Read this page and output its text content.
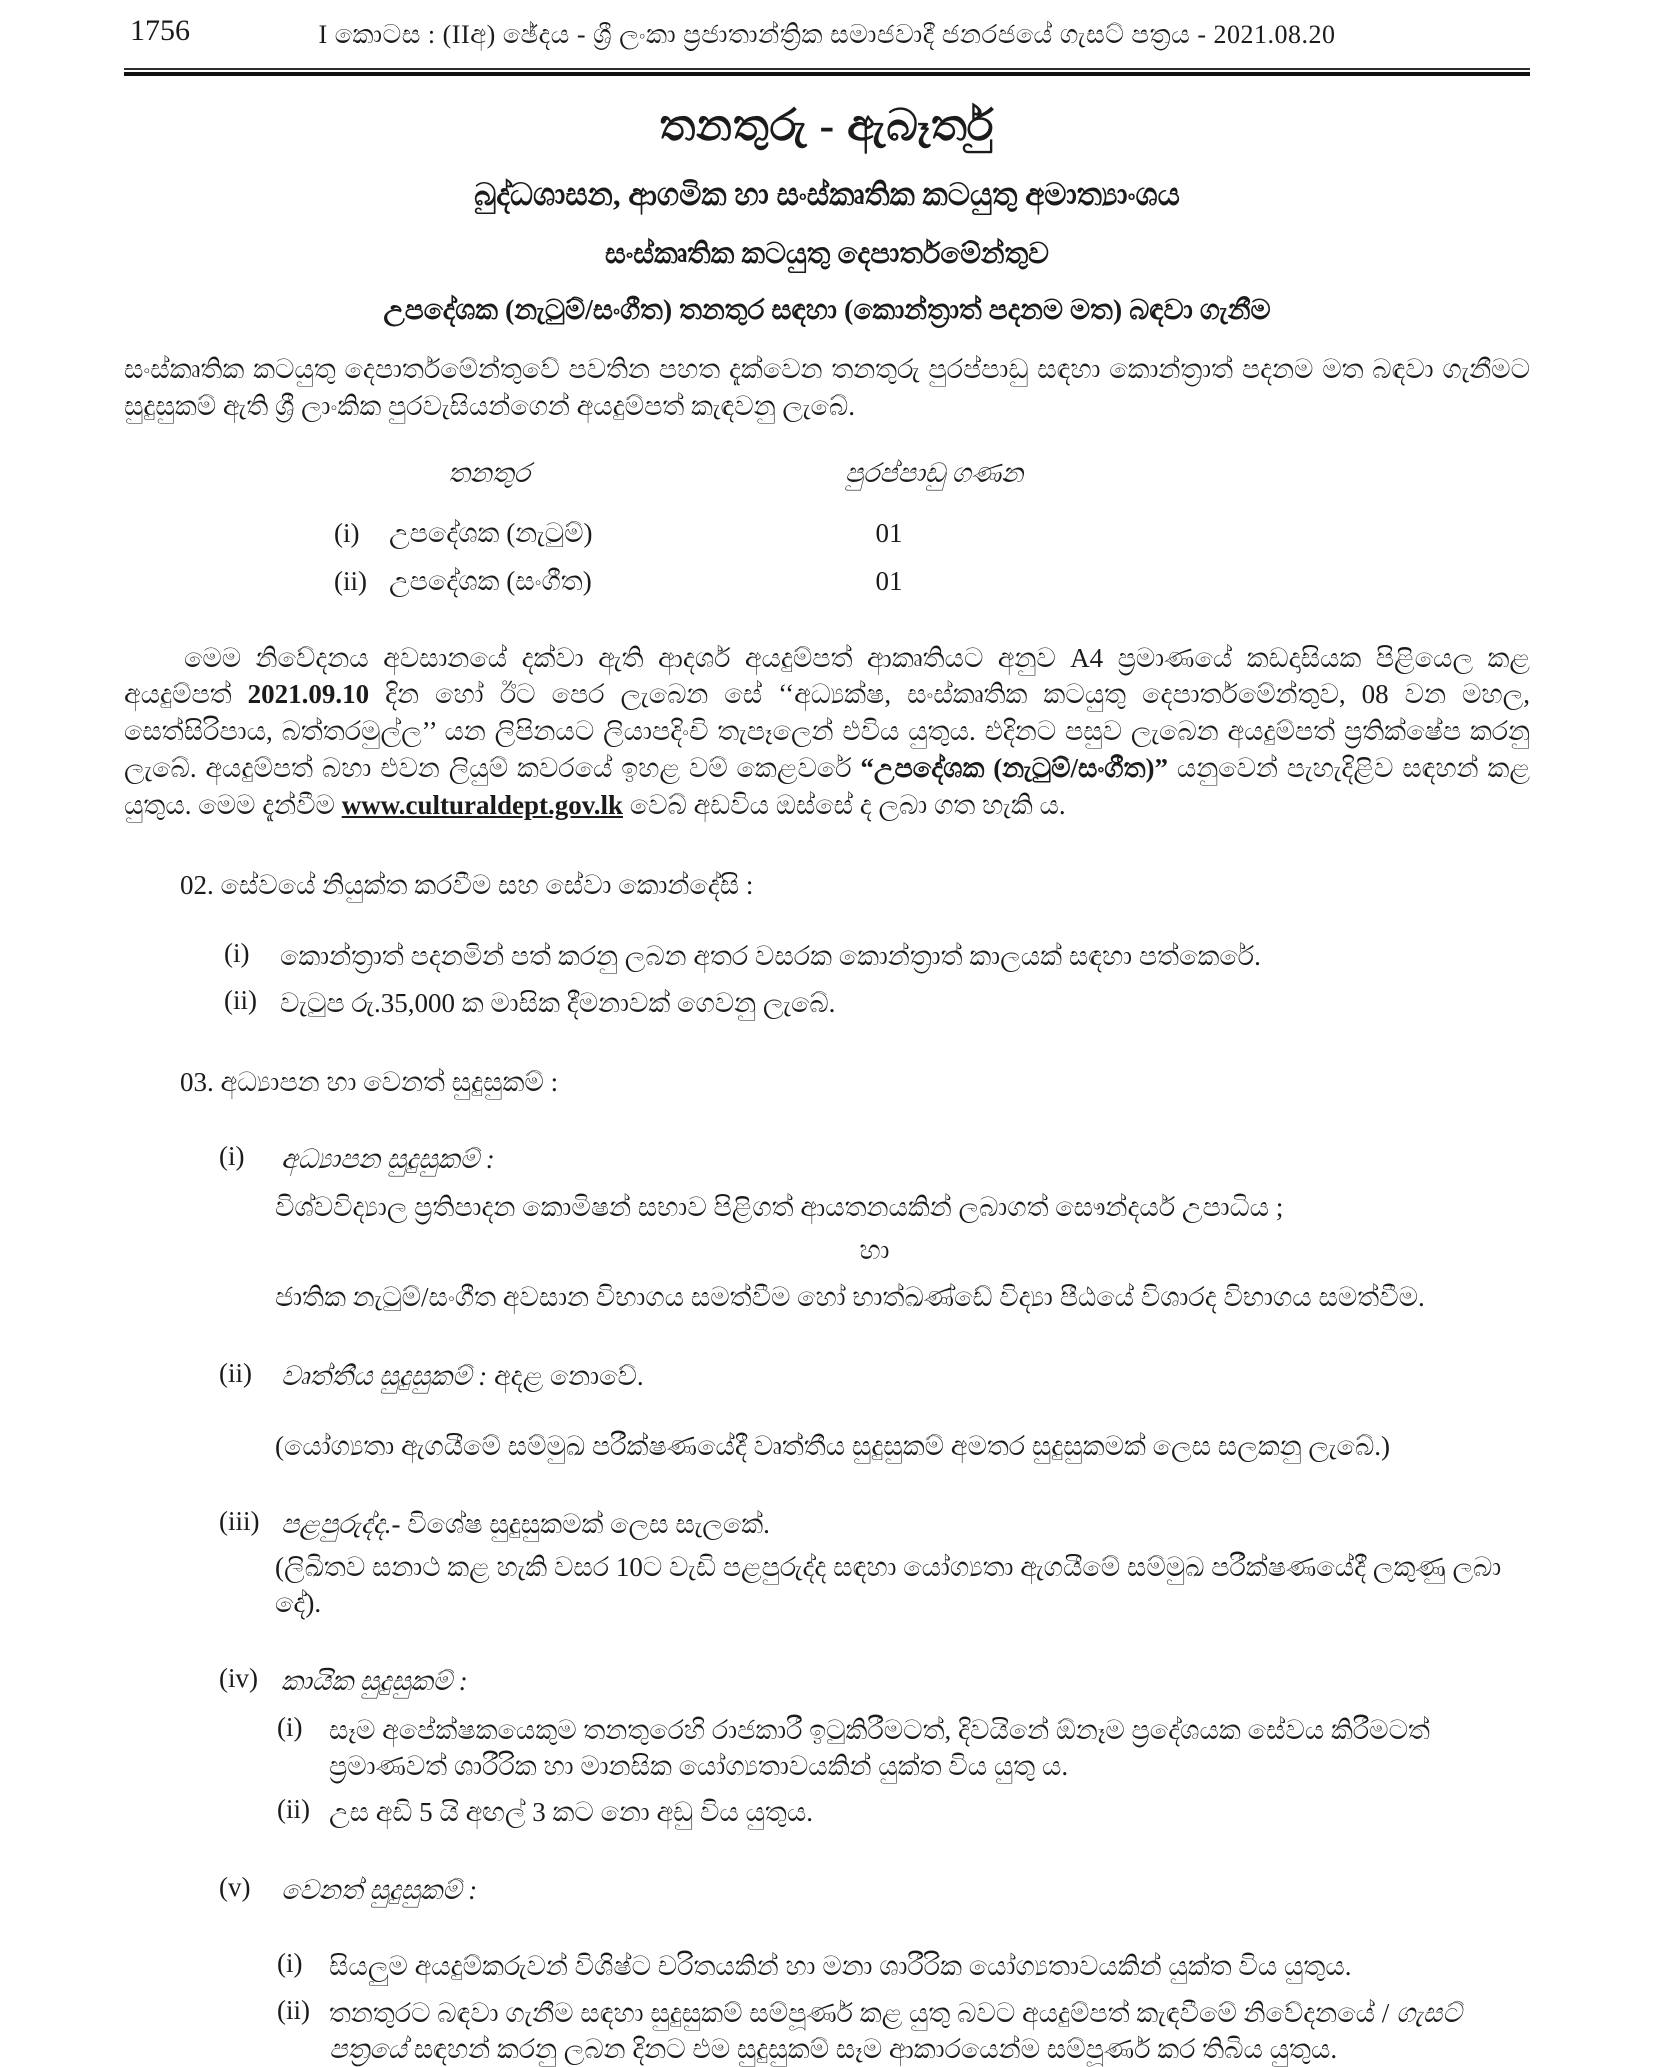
1756	I කොටස : (IIඅ) ඡේදය - ශ්‍රී ලංකා ප්‍රජාතාන්ත්‍රික සමාජවාදී ජනරජයේ ගැසට් පත්‍රය - 2021.08.20
තනතුරු - ඇබෑර්තු
බුද්ධශාසන, ආගමික හා සංස්කෘතික කටයුතු අමාත්‍යාංශය
සංස්කෘතික කටයුතු දෙපාර්තමේන්තුව
උපදේශක (නැටුම්/සංගීත) තනතුර සඳහා (කොන්ත්‍රාත් පදනම මත) බඳවා ගැනීම
සංස්කෘතික කටයුතු දෙපාර්තමේන්තුවේ පවතින පහත දැක්වෙන තනතුරු පුරප්පාඩු සඳහා කොන්ත්‍රාත් පදනම මත බඳවා ගැනීමට සුදුසුකම් ඇති ශ්‍රී ලාංකික පුරවැසියන්ගෙන් අයදුම්පත් කැඳවනු ලැබේ.
තනතුර	පුරප්පාඩු ගණන
(i)	උපදේශක (නැටුම්)	01
(ii) උපදේශක (සංගීත)	01
මෙම නිවේදනය අවසානයේ දක්වා ඇති ආදර්ශ අයදුම්පත් ආකෘතියට අනුව A4 ප්‍රමාණයේ කඩදාසියක පිළියෙල කළ අයදුම්පත් 2021.09.10 දින හෝ ඊට පෙර ලැබෙන සේ ‘‘අධ්‍යක්ෂ, සංස්කෘතික කටයුතු දෙපාර්තමේන්තුව, 08 වන මහල, සෙත්සිරිපාය, බත්තරමුල්ල’’ යන ලිපිනයට ලියාපදිංචි තැපෑලෙන් එවිය යුතුය. එදිනට පසුව ලැබෙන අයදුම්පත් ප්‍රතික්ෂේප කරනු ලැබේ. අයදුම්පත් බහා එවන ලියුම් කවරයේ ඉහළ වම් කෙළවරේ “උපදේශක (නැටුම්/සංගීත)” යනුවෙන් පැහැදිළිව සඳහන් කළ යුතුය. මෙම දැන්වීම www.culturaldept.gov.lk වෙබ් අඩවිය ඔස්සේ ද ලබා ගත හැකි ය.
02. සේවයේ නියුක්ත කරවීම සහ සේවා කොන්දේසි :
(i)	කොන්ත්‍රාත් පදනමින් පත් කරනු ලබන අතර වසරක කොන්ත්‍රාත් කාලයක් සඳහා පත්කෙරේ.
(ii) වැටුප රු.35,000 ක මාසික දීමනාවක් ගෙවනු ලැබේ.
03. අධ්‍යාපන හා වෙනත් සුදුසුකම් :
(i)	අධ්‍යාපන සුදුසුකම් :
විශ්වවිද්‍යාල ප්‍රතිපාදන කොමිෂන් සභාව පිළිගත් ආයතනයකින් ලබාගත් සෞන්දර්ය උපාධිය ;
හා
ජාතික නැටුම්/සංගීත අවසාන විභාගය සමත්වීම හෝ භාත්ඛණ්ඩේ විද්‍යා පීඨයේ විශාරද විභාගය සමත්වීම.
(ii)	වෘත්තීය සුදුසුකම් : අදළ නොවේ.
(යෝග්‍යතා ඇගයීමේ සම්මුඛ පරීක්ෂණයේදී වෘත්තීය සුදුසුකම් අමතර සුදුසුකමක් ලෙස සලකනු ලැබේ.)
(iii) පළපුරුද්ද.- විශේෂ සුදුසුකමක් ලෙස සැලකේ.
(ලිඛිතව සනාථ කළ හැකි වසර 10ට වැඩි පළපුරුද්ද සඳහා යෝග්‍යතා ඇගයීමේ සම්මුඛ පරීක්ෂණයේදී ලකුණු ලබා දේ).
(iv) කායික සුදුසුකම් :
(i) සෑම අපේක්ෂකයෙකුම තනතුරෙහි රාජකාරී ඉටුකිරීමටත්, දිවයිනේ ඕනෑම ප්‍රදේශයක සේවය කිරීමටත් ප්‍රමාණවත් ශාරීරික හා මානසික යෝග්‍යතාවයකින් යුක්ත විය යුතු ය.
(ii) උස අඩි 5 යි අඟල් 3 කට නො අඩු විය යුතුය.
(v)	වෙනත් සුදුසුකම් :
(i) සියලුම අයදුම්කරුවන් විශිෂ්ට චරිතයකින් හා මනා ශාරීරික යෝග්‍යතාවයකින් යුක්ත විය යුතුය.
(ii) තනතුරට බඳවා ගැනීම සඳහා සුදුසුකම් සම්පූර්ණ කළ යුතු බවට අයදුම්පත් කැඳවීමේ නිවේදනයේ / ගැසට් පත්‍රයේ සඳහන් කරනු ලබන දිනට එම සුදුසුකම් සෑම ආකාරයෙන්ම සම්පූර්ණ කර තිබිය යුතුය.
